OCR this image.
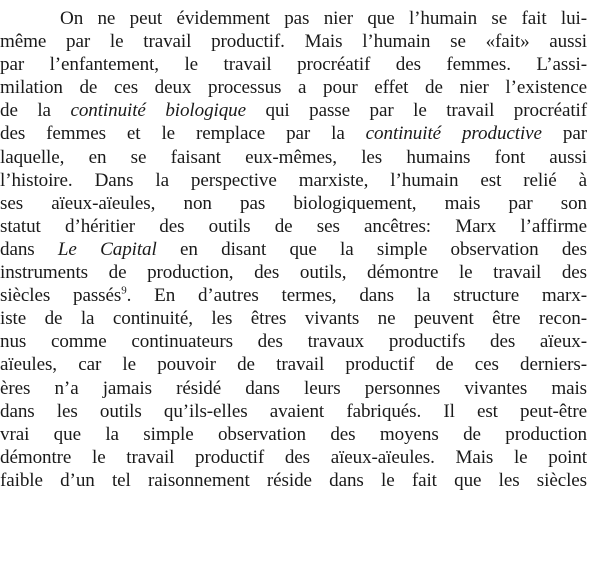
On ne peut évidemment pas nier que l’humain se fait lui-
même par le travail productif. Mais l’humain se «fait» aussi
par l’enfantement, le travail procréatif des femmes. L’assi-
milation de ces deux processus a pour effet de nier l’existence
de la continuité biologique qui passe par le travail procréatif
des femmes et le remplace par la continuité productive par
laquelle, en se faisant eux-mêmes, les humains font aussi
l’histoire. Dans la perspective marxiste, l’humain est relié à
ses aïeux-aïeules, non pas biologiquement, mais par son
statut d’héritier des outils de ses ancêtres: Marx l’affirme
dans Le Capital en disant que la simple observation des
instruments de production, des outils, démontre le travail des
siècles passés$^9$. En d’autres termes, dans la structure marx-
iste de la continuité, les êtres vivants ne peuvent être recon-
nus comme continuateurs des travaux productifs des aïeux-
aïeules, car le pouvoir de travail productif de ces derniers-
ères n’a jamais résidé dans leurs personnes vivantes mais
dans les outils qu’ils-elles avaient fabriqués. Il est peut-être
vrai que la simple observation des moyens de production
démontre le travail productif des aïeux-aïeules. Mais le point
faible d’un tel raisonnement réside dans le fait que les siècles
